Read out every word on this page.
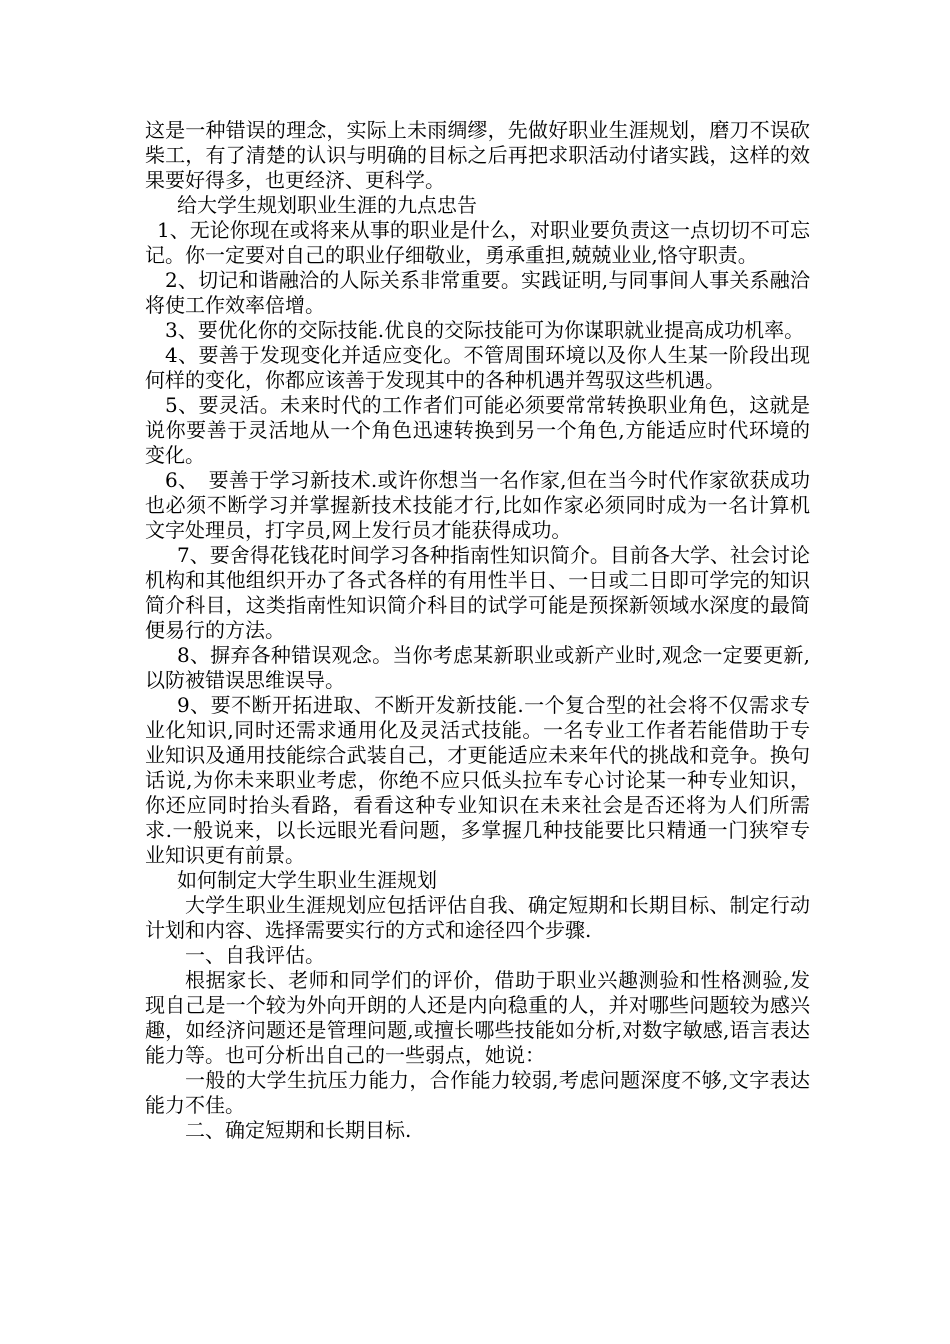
这是一种错误的理念，实际上未雨绸缪，先做好职业生涯规划，磨刀不误砍柴工，有了清楚的认识与明确的目标之后再把求职活动付诸实践，这样的效果要好得多，也更经济、更科学。

给大学生规划职业生涯的九点忠告

1、无论你现在或将来从事的职业是什么，对职业要负责这一点切切不可忘记。你一定要对自己的职业仔细敬业，勇承重担,兢兢业业,恪守职责。

2、切记和谐融洽的人际关系非常重要。实践证明,与同事间人事关系融洽将使工作效率倍增。

3、要优化你的交际技能.优良的交际技能可为你谋职就业提高成功机率。

4、要善于发现变化并适应变化。不管周围环境以及你人生某一阶段出现何样的变化，你都应该善于发现其中的各种机遇并驾驭这些机遇。

5、要灵活。未来时代的工作者们可能必须要常常转换职业角色，这就是说你要善于灵活地从一个角色迅速转换到另一个角色,方能适应时代环境的变化。

6、　要善于学习新技术.或许你想当一名作家,但在当今时代作家欲获成功也必须不断学习并掌握新技术技能才行,比如作家必须同时成为一名计算机文字处理员，打字员,网上发行员才能获得成功。

7、要舍得花钱花时间学习各种指南性知识简介。目前各大学、社会讨论机构和其他组织开办了各式各样的有用性半日、一日或二日即可学完的知识简介科目，这类指南性知识简介科目的试学可能是预探新领域水深度的最简便易行的方法。

8、摒弃各种错误观念。当你考虑某新职业或新产业时,观念一定要更新,以防被错误思维误导。

9、要不断开拓进取、不断开发新技能.一个复合型的社会将不仅需求专业化知识,同时还需求通用化及灵活式技能。一名专业工作者若能借助于专业知识及通用技能综合武装自己，才更能适应未来年代的挑战和竞争。换句话说,为你未来职业考虑，你绝不应只低头拉车专心讨论某一种专业知识，你还应同时抬头看路，看看这种专业知识在未来社会是否还将为人们所需求.一般说来，以长远眼光看问题，多掌握几种技能要比只精通一门狭窄专业知识更有前景。

如何制定大学生职业生涯规划

大学生职业生涯规划应包括评估自我、确定短期和长期目标、制定行动计划和内容、选择需要实行的方式和途径四个步骤.

一、自我评估。

根据家长、老师和同学们的评价，借助于职业兴趣测验和性格测验,发现自己是一个较为外向开朗的人还是内向稳重的人，并对哪些问题较为感兴趣，如经济问题还是管理问题,或擅长哪些技能如分析,对数字敏感,语言表达能力等。也可分析出自己的一些弱点，她说：

一般的大学生抗压力能力，合作能力较弱,考虑问题深度不够,文字表达能力不佳。

二、确定短期和长期目标.
